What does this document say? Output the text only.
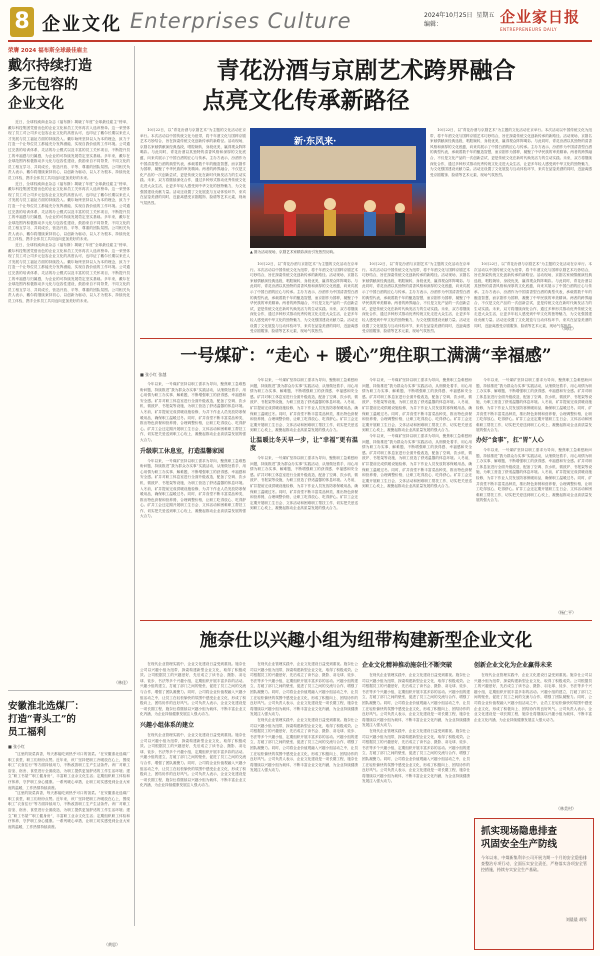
8 企业文化 Enterprises Culture	2024年10月25日 星期五
编辑：	企业家日报
ENTREPRENEURS DAILY
荣膺 2024 福布斯全球最佳雇主
戴尔持续打造
多元包容的
企业文化

近日，全球权威商业杂志《福布斯》揭晓了年度“全球最佳雇主”榜单，戴尔科技集团凭借出色的企业文化和员工关怀再次入选该榜单。这一荣誉体现了员工对公司多元包容企业文化的高度认可，也印证了戴尔长期以来在人才发展与员工福祉方面的持续投入。戴尔始终坚持以人为本的理念，致力于打造一个让每位员工都能充分发挥潜能、实现自我价值的工作环境。公司通过完善的培训体系、灵活的办公模式以及丰富的员工关怀项目，不断提升员工的幸福感与归属感，为企业的可持续发展奠定坚实基础。多年来，戴尔在全球范围内积极推动多元化与包容性建设，鼓励来自不同背景、不同文化的员工相互学习、共同成长，营造开放、平等、尊重的团队氛围。公司相关负责人表示，戴尔将继续秉持初心，以创新为驱动，以人才为根本，持续优化员工体验，携手全体员工共同迈向更加美好的未来。

近日，全球权威商业杂志《福布斯》揭晓了年度“全球最佳雇主”榜单，戴尔科技集团凭借出色的企业文化和员工关怀再次入选该榜单。这一荣誉体现了员工对公司多元包容企业文化的高度认可，也印证了戴尔长期以来在人才发展与员工福祉方面的持续投入。戴尔始终坚持以人为本的理念，致力于打造一个让每位员工都能充分发挥潜能、实现自我价值的工作环境。公司通过完善的培训体系、灵活的办公模式以及丰富的员工关怀项目，不断提升员工的幸福感与归属感，为企业的可持续发展奠定坚实基础。多年来，戴尔在全球范围内积极推动多元化与包容性建设，鼓励来自不同背景、不同文化的员工相互学习、共同成长，营造开放、平等、尊重的团队氛围。公司相关负责人表示，戴尔将继续秉持初心，以创新为驱动，以人才为根本，持续优化员工体验，携手全体员工共同迈向更加美好的未来。

近日，全球权威商业杂志《福布斯》揭晓了年度“全球最佳雇主”榜单，戴尔科技集团凭借出色的企业文化和员工关怀再次入选该榜单。这一荣誉体现了员工对公司多元包容企业文化的高度认可，也印证了戴尔长期以来在人才发展与员工福祉方面的持续投入。戴尔始终坚持以人为本的理念，致力于打造一个让每位员工都能充分发挥潜能、实现自我价值的工作环境。公司通过完善的培训体系、灵活的办公模式以及丰富的员工关怀项目，不断提升员工的幸福感与归属感，为企业的可持续发展奠定坚实基础。多年来，戴尔在全球范围内积极推动多元化与包容性建设，鼓励来自不同背景、不同文化的员工相互学习、共同成长，营造开放、平等、尊重的团队氛围。公司相关负责人表示，戴尔将继续秉持初心，以创新为驱动，以人才为根本，持续优化员工体验，携手全体员工共同迈向更加美好的未来。

（林佳）
青花汾酒与京剧艺术跨界融合
点亮文化传承新路径

10月22日，以“青花汾酒与京剧艺术”为主题的文化活动在京举行。本次活动以中国传统文化为纽带，将千年酒文化与国粹京剧艺术巧妙结合，旨在探索传统文化创新传承的新路径。活动现场，京剧名家倾情献演经典选段，唱腔婉转，身段优美，赢得观众阵阵喝彩。与此同时，青花汾酒以其独特的清香风格和深厚的文化底蕴，向来宾展示了中国白酒的匠心与传承。主办方表示，汾酒作为中国清香型白酒的典型代表，承载着数千年的酿造智慧，而京剧作为国粹，凝聚了中华民族的审美精神。两者的跨界融合，不仅是文化产品的一次创新尝试，更是传统文化在新时代焕发活力的生动实践。未来，双方将继续深化合作，通过多种形式推动优秀传统文化走进大众生活，让更多年轻人感受到中华文化的独特魅力，为文化强国建设贡献力量。活动还设置了文化展览与互动体验环节，来宾在品鉴美酒的同时，近距离感受京剧服饰、脸谱等艺术元素，现场气氛热烈。

新·东风来·
▲ 图为活动现场，京剧艺术家精彩演出引发热烈反响。

10月22日，以“青花汾酒与京剧艺术”为主题的文化活动在京举行。本次活动以中国传统文化为纽带，将千年酒文化与国粹京剧艺术巧妙结合，旨在探索传统文化创新传承的新路径。活动现场，京剧名家倾情献演经典选段，唱腔婉转，身段优美，赢得观众阵阵喝彩。与此同时，青花汾酒以其独特的清香风格和深厚的文化底蕴，向来宾展示了中国白酒的匠心与传承。主办方表示，汾酒作为中国清香型白酒的典型代表，承载着数千年的酿造智慧，而京剧作为国粹，凝聚了中华民族的审美精神。两者的跨界融合，不仅是文化产品的一次创新尝试，更是传统文化在新时代焕发活力的生动实践。未来，双方将继续深化合作，通过多种形式推动优秀传统文化走进大众生活，让更多年轻人感受到中华文化的独特魅力，为文化强国建设贡献力量。活动还设置了文化展览与互动体验环节，来宾在品鉴美酒的同时，近距离感受京剧服饰、脸谱等艺术元素，现场气氛热烈。

10月22日，以“青花汾酒与京剧艺术”为主题的文化活动在京举行。本次活动以中国传统文化为纽带，将千年酒文化与国粹京剧艺术巧妙结合，旨在探索传统文化创新传承的新路径。活动现场，京剧名家倾情献演经典选段，唱腔婉转，身段优美，赢得观众阵阵喝彩。与此同时，青花汾酒以其独特的清香风格和深厚的文化底蕴，向来宾展示了中国白酒的匠心与传承。主办方表示，汾酒作为中国清香型白酒的典型代表，承载着数千年的酿造智慧，而京剧作为国粹，凝聚了中华民族的审美精神。两者的跨界融合，不仅是文化产品的一次创新尝试，更是传统文化在新时代焕发活力的生动实践。未来，双方将继续深化合作，通过多种形式推动优秀传统文化走进大众生活，让更多年轻人感受到中华文化的独特魅力，为文化强国建设贡献力量。活动还设置了文化展览与互动体验环节，来宾在品鉴美酒的同时，近距离感受京剧服饰、脸谱等艺术元素，现场气氛热烈。

10月22日，以“青花汾酒与京剧艺术”为主题的文化活动在京举行。本次活动以中国传统文化为纽带，将千年酒文化与国粹京剧艺术巧妙结合，旨在探索传统文化创新传承的新路径。活动现场，京剧名家倾情献演经典选段，唱腔婉转，身段优美，赢得观众阵阵喝彩。与此同时，青花汾酒以其独特的清香风格和深厚的文化底蕴，向来宾展示了中国白酒的匠心与传承。主办方表示，汾酒作为中国清香型白酒的典型代表，承载着数千年的酿造智慧，而京剧作为国粹，凝聚了中华民族的审美精神。两者的跨界融合，不仅是文化产品的一次创新尝试，更是传统文化在新时代焕发活力的生动实践。未来，双方将继续深化合作，通过多种形式推动优秀传统文化走进大众生活，让更多年轻人感受到中华文化的独特魅力，为文化强国建设贡献力量。活动还设置了文化展览与互动体验环节，来宾在品鉴美酒的同时，近距离感受京剧服饰、脸谱等艺术元素，现场气氛热烈。

10月22日，以“青花汾酒与京剧艺术”为主题的文化活动在京举行。本次活动以中国传统文化为纽带，将千年酒文化与国粹京剧艺术巧妙结合，旨在探索传统文化创新传承的新路径。活动现场，京剧名家倾情献演经典选段，唱腔婉转，身段优美，赢得观众阵阵喝彩。与此同时，青花汾酒以其独特的清香风格和深厚的文化底蕴，向来宾展示了中国白酒的匠心与传承。主办方表示，汾酒作为中国清香型白酒的典型代表，承载着数千年的酿造智慧，而京剧作为国粹，凝聚了中华民族的审美精神。两者的跨界融合，不仅是文化产品的一次创新尝试，更是传统文化在新时代焕发活力的生动实践。未来，双方将继续深化合作，通过多种形式推动优秀传统文化走进大众生活，让更多年轻人感受到中华文化的独特魅力，为文化强国建设贡献力量。活动还设置了文化展览与互动体验环节，来宾在品鉴美酒的同时，近距离感受京剧服饰、脸谱等艺术元素，现场气氛热烈。

（周红）
一号煤矿：“走心 + 暖心”兜住职工满满“幸福感”
■ 张小红 张越

今年以来，一号煤矿坚持以职工需求为导向，聚焦职工急难愁盼问题，持续推进“我为群众办实事”实践活动，从细微处着手，用心用情为职工办实事、解难题，不断增强职工的获得感、幸福感和安全感。矿井对职工休息室进行全面升级改造，配备了空调、饮水机、微波炉、书报架等设施，为职工营造了舒适温馨的休息环境。入冬前，矿井提前完成供暖设施检修，为井下作业人员发放防寒保暖用品，确保职工温暖过冬。同时，矿井食堂不断丰富菜品种类，推出特色套餐和营养餐，合理调整价格，让职工吃得放心、吃得舒心。矿井工会还定期开展职工生日会、文体活动和困难职工帮扶工作，切实把关爱送到职工心坎上，凝聚起推动企业高质量发展的强大合力。

升级职工休息室，打造温馨家园

今年以来，一号煤矿坚持以职工需求为导向，聚焦职工急难愁盼问题，持续推进“我为群众办实事”实践活动，从细微处着手，用心用情为职工办实事、解难题，不断增强职工的获得感、幸福感和安全感。矿井对职工休息室进行全面升级改造，配备了空调、饮水机、微波炉、书报架等设施，为职工营造了舒适温馨的休息环境。入冬前，矿井提前完成供暖设施检修，为井下作业人员发放防寒保暖用品，确保职工温暖过冬。同时，矿井食堂不断丰富菜品种类，推出特色套餐和营养餐，合理调整价格，让职工吃得放心、吃得舒心。矿井工会还定期开展职工生日会、文体活动和困难职工帮扶工作，切实把关爱送到职工心坎上，凝聚起推动企业高质量发展的强大合力。

今年以来，一号煤矿坚持以职工需求为导向，聚焦职工急难愁盼问题，持续推进“我为群众办实事”实践活动，从细微处着手，用心用情为职工办实事、解难题，不断增强职工的获得感、幸福感和安全感。矿井对职工休息室进行全面升级改造，配备了空调、饮水机、微波炉、书报架等设施，为职工营造了舒适温馨的休息环境。入冬前，矿井提前完成供暖设施检修，为井下作业人员发放防寒保暖用品，确保职工温暖过冬。同时，矿井食堂不断丰富菜品种类，推出特色套餐和营养餐，合理调整价格，让职工吃得放心、吃得舒心。矿井工会还定期开展职工生日会、文体活动和困难职工帮扶工作，切实把关爱送到职工心坎上，凝聚起推动企业高质量发展的强大合力。

让温暖比冬天早一步，让“幸福”更有温度

今年以来，一号煤矿坚持以职工需求为导向，聚焦职工急难愁盼问题，持续推进“我为群众办实事”实践活动，从细微处着手，用心用情为职工办实事、解难题，不断增强职工的获得感、幸福感和安全感。矿井对职工休息室进行全面升级改造，配备了空调、饮水机、微波炉、书报架等设施，为职工营造了舒适温馨的休息环境。入冬前，矿井提前完成供暖设施检修，为井下作业人员发放防寒保暖用品，确保职工温暖过冬。同时，矿井食堂不断丰富菜品种类，推出特色套餐和营养餐，合理调整价格，让职工吃得放心、吃得舒心。矿井工会还定期开展职工生日会、文体活动和困难职工帮扶工作，切实把关爱送到职工心坎上，凝聚起推动企业高质量发展的强大合力。

今年以来，一号煤矿坚持以职工需求为导向，聚焦职工急难愁盼问题，持续推进“我为群众办实事”实践活动，从细微处着手，用心用情为职工办实事、解难题，不断增强职工的获得感、幸福感和安全感。矿井对职工休息室进行全面升级改造，配备了空调、饮水机、微波炉、书报架等设施，为职工营造了舒适温馨的休息环境。入冬前，矿井提前完成供暖设施检修，为井下作业人员发放防寒保暖用品，确保职工温暖过冬。同时，矿井食堂不断丰富菜品种类，推出特色套餐和营养餐，合理调整价格，让职工吃得放心、吃得舒心。矿井工会还定期开展职工生日会、文体活动和困难职工帮扶工作，切实把关爱送到职工心坎上，凝聚起推动企业高质量发展的强大合力。

今年以来，一号煤矿坚持以职工需求为导向，聚焦职工急难愁盼问题，持续推进“我为群众办实事”实践活动，从细微处着手，用心用情为职工办实事、解难题，不断增强职工的获得感、幸福感和安全感。矿井对职工休息室进行全面升级改造，配备了空调、饮水机、微波炉、书报架等设施，为职工营造了舒适温馨的休息环境。入冬前，矿井提前完成供暖设施检修，为井下作业人员发放防寒保暖用品，确保职工温暖过冬。同时，矿井食堂不断丰富菜品种类，推出特色套餐和营养餐，合理调整价格，让职工吃得放心、吃得舒心。矿井工会还定期开展职工生日会、文体活动和困难职工帮扶工作，切实把关爱送到职工心坎上，凝聚起推动企业高质量发展的强大合力。

今年以来，一号煤矿坚持以职工需求为导向，聚焦职工急难愁盼问题，持续推进“我为群众办实事”实践活动，从细微处着手，用心用情为职工办实事、解难题，不断增强职工的获得感、幸福感和安全感。矿井对职工休息室进行全面升级改造，配备了空调、饮水机、微波炉、书报架等设施，为职工营造了舒适温馨的休息环境。入冬前，矿井提前完成供暖设施检修，为井下作业人员发放防寒保暖用品，确保职工温暖过冬。同时，矿井食堂不断丰富菜品种类，推出特色套餐和营养餐，合理调整价格，让职工吃得放心、吃得舒心。矿井工会还定期开展职工生日会、文体活动和困难职工帮扶工作，切实把关爱送到职工心坎上，凝聚起推动企业高质量发展的强大合力。

办好“食事”，扛“胃”人心

今年以来，一号煤矿坚持以职工需求为导向，聚焦职工急难愁盼问题，持续推进“我为群众办实事”实践活动，从细微处着手，用心用情为职工办实事、解难题，不断增强职工的获得感、幸福感和安全感。矿井对职工休息室进行全面升级改造，配备了空调、饮水机、微波炉、书报架等设施，为职工营造了舒适温馨的休息环境。入冬前，矿井提前完成供暖设施检修，为井下作业人员发放防寒保暖用品，确保职工温暖过冬。同时，矿井食堂不断丰富菜品种类，推出特色套餐和营养餐，合理调整价格，让职工吃得放心、吃得舒心。矿井工会还定期开展职工生日会、文体活动和困难职工帮扶工作，切实把关爱送到职工心坎上，凝聚起推动企业高质量发展的强大合力。

（杨仁平）
安徽淮北选煤厂：
打造“青头工”的
员工福利
■ 张小红

“这里的饭菜真香，每天都能吃到热乎可口的饭菜。”在安徽淮北选煤厂职工食堂，职工们纷纷点赞。近年来，该厂坚持把职工冷暖放在心上，围绕职工“衣食住行”等方面持续用力，不断改善职工生产生活条件。该厂对职工浴室、宿舍、食堂进行全面改造，为职工提供更加舒适的工作生活环境；建立“职工书屋”“职工健身房”，丰富职工业余文化生活；定期组织职工体检和疗休养，守护职工身心健康。一系列暖心举措，让职工切实感受到企业大家庭的温暖，工作热情持续高涨。

“这里的饭菜真香，每天都能吃到热乎可口的饭菜。”在安徽淮北选煤厂职工食堂，职工们纷纷点赞。近年来，该厂坚持把职工冷暖放在心上，围绕职工“衣食住行”等方面持续用力，不断改善职工生产生活条件。该厂对职工浴室、宿舍、食堂进行全面改造，为职工提供更加舒适的工作生活环境；建立“职工书屋”“职工健身房”，丰富职工业余文化生活；定期组织职工体检和疗休养，守护职工身心健康。一系列暖心举措，让职工切实感受到企业大家庭的温暖，工作热情持续高涨。

（黄思）
施奈仕以兴趣小组为纽带构建新型企业文化

在现代企业管理实践中，企业文化建设日益受到重视。施奈仕公司以兴趣小组为纽带，探索构建新型企业文化，取得了积极成效。公司根据员工的兴趣爱好，先后成立了读书会、摄影、羽毛球、徒步、书法等多个兴趣小组，定期组织开展丰富多彩的活动。兴趣小组的建立，打破了部门之间的壁垒，促进了员工之间的交流与合作，增强了团队凝聚力。同时，公司将企业价值观融入兴趣小组活动之中，让员工在轻松愉快的氛围中感受企业文化，形成了积极向上、团结协作的良好风气。公司负责人表示，企业文化建设是一项长期工程，施奈仕将继续以兴趣小组为载体，不断丰富企业文化内涵，为企业持续健康发展注入强大动力。

兴趣小组体系的建立

在现代企业管理实践中，企业文化建设日益受到重视。施奈仕公司以兴趣小组为纽带，探索构建新型企业文化，取得了积极成效。公司根据员工的兴趣爱好，先后成立了读书会、摄影、羽毛球、徒步、书法等多个兴趣小组，定期组织开展丰富多彩的活动。兴趣小组的建立，打破了部门之间的壁垒，促进了员工之间的交流与合作，增强了团队凝聚力。同时，公司将企业价值观融入兴趣小组活动之中，让员工在轻松愉快的氛围中感受企业文化，形成了积极向上、团结协作的良好风气。公司负责人表示，企业文化建设是一项长期工程，施奈仕将继续以兴趣小组为载体，不断丰富企业文化内涵，为企业持续健康发展注入强大动力。

在现代企业管理实践中，企业文化建设日益受到重视。施奈仕公司以兴趣小组为纽带，探索构建新型企业文化，取得了积极成效。公司根据员工的兴趣爱好，先后成立了读书会、摄影、羽毛球、徒步、书法等多个兴趣小组，定期组织开展丰富多彩的活动。兴趣小组的建立，打破了部门之间的壁垒，促进了员工之间的交流与合作，增强了团队凝聚力。同时，公司将企业价值观融入兴趣小组活动之中，让员工在轻松愉快的氛围中感受企业文化，形成了积极向上、团结协作的良好风气。公司负责人表示，企业文化建设是一项长期工程，施奈仕将继续以兴趣小组为载体，不断丰富企业文化内涵，为企业持续健康发展注入强大动力。

在现代企业管理实践中，企业文化建设日益受到重视。施奈仕公司以兴趣小组为纽带，探索构建新型企业文化，取得了积极成效。公司根据员工的兴趣爱好，先后成立了读书会、摄影、羽毛球、徒步、书法等多个兴趣小组，定期组织开展丰富多彩的活动。兴趣小组的建立，打破了部门之间的壁垒，促进了员工之间的交流与合作，增强了团队凝聚力。同时，公司将企业价值观融入兴趣小组活动之中，让员工在轻松愉快的氛围中感受企业文化，形成了积极向上、团结协作的良好风气。公司负责人表示，企业文化建设是一项长期工程，施奈仕将继续以兴趣小组为载体，不断丰富企业文化内涵，为企业持续健康发展注入强大动力。

企业文化精神推动施奈仕不断突破

在现代企业管理实践中，企业文化建设日益受到重视。施奈仕公司以兴趣小组为纽带，探索构建新型企业文化，取得了积极成效。公司根据员工的兴趣爱好，先后成立了读书会、摄影、羽毛球、徒步、书法等多个兴趣小组，定期组织开展丰富多彩的活动。兴趣小组的建立，打破了部门之间的壁垒，促进了员工之间的交流与合作，增强了团队凝聚力。同时，公司将企业价值观融入兴趣小组活动之中，让员工在轻松愉快的氛围中感受企业文化，形成了积极向上、团结协作的良好风气。公司负责人表示，企业文化建设是一项长期工程，施奈仕将继续以兴趣小组为载体，不断丰富企业文化内涵，为企业持续健康发展注入强大动力。

在现代企业管理实践中，企业文化建设日益受到重视。施奈仕公司以兴趣小组为纽带，探索构建新型企业文化，取得了积极成效。公司根据员工的兴趣爱好，先后成立了读书会、摄影、羽毛球、徒步、书法等多个兴趣小组，定期组织开展丰富多彩的活动。兴趣小组的建立，打破了部门之间的壁垒，促进了员工之间的交流与合作，增强了团队凝聚力。同时，公司将企业价值观融入兴趣小组活动之中，让员工在轻松愉快的氛围中感受企业文化，形成了积极向上、团结协作的良好风气。公司负责人表示，企业文化建设是一项长期工程，施奈仕将继续以兴趣小组为载体，不断丰富企业文化内涵，为企业持续健康发展注入强大动力。

创新企业文化为企业赢得未来

在现代企业管理实践中，企业文化建设日益受到重视。施奈仕公司以兴趣小组为纽带，探索构建新型企业文化，取得了积极成效。公司根据员工的兴趣爱好，先后成立了读书会、摄影、羽毛球、徒步、书法等多个兴趣小组，定期组织开展丰富多彩的活动。兴趣小组的建立，打破了部门之间的壁垒，促进了员工之间的交流与合作，增强了团队凝聚力。同时，公司将企业价值观融入兴趣小组活动之中，让员工在轻松愉快的氛围中感受企业文化，形成了积极向上、团结协作的良好风气。公司负责人表示，企业文化建设是一项长期工程，施奈仕将继续以兴趣小组为载体，不断丰富企业文化内涵，为企业持续健康发展注入强大动力。

（林美村）
抓实现场隐患排查
巩固安全生产防线
今年以来，中煤新集利辛公司开展为期一个月的安全隐患排查整治专项行动，全面压实安全责任，严格落实各项安全管控措施，持续夯实安全生产基础。
刘晨晨 胡军
